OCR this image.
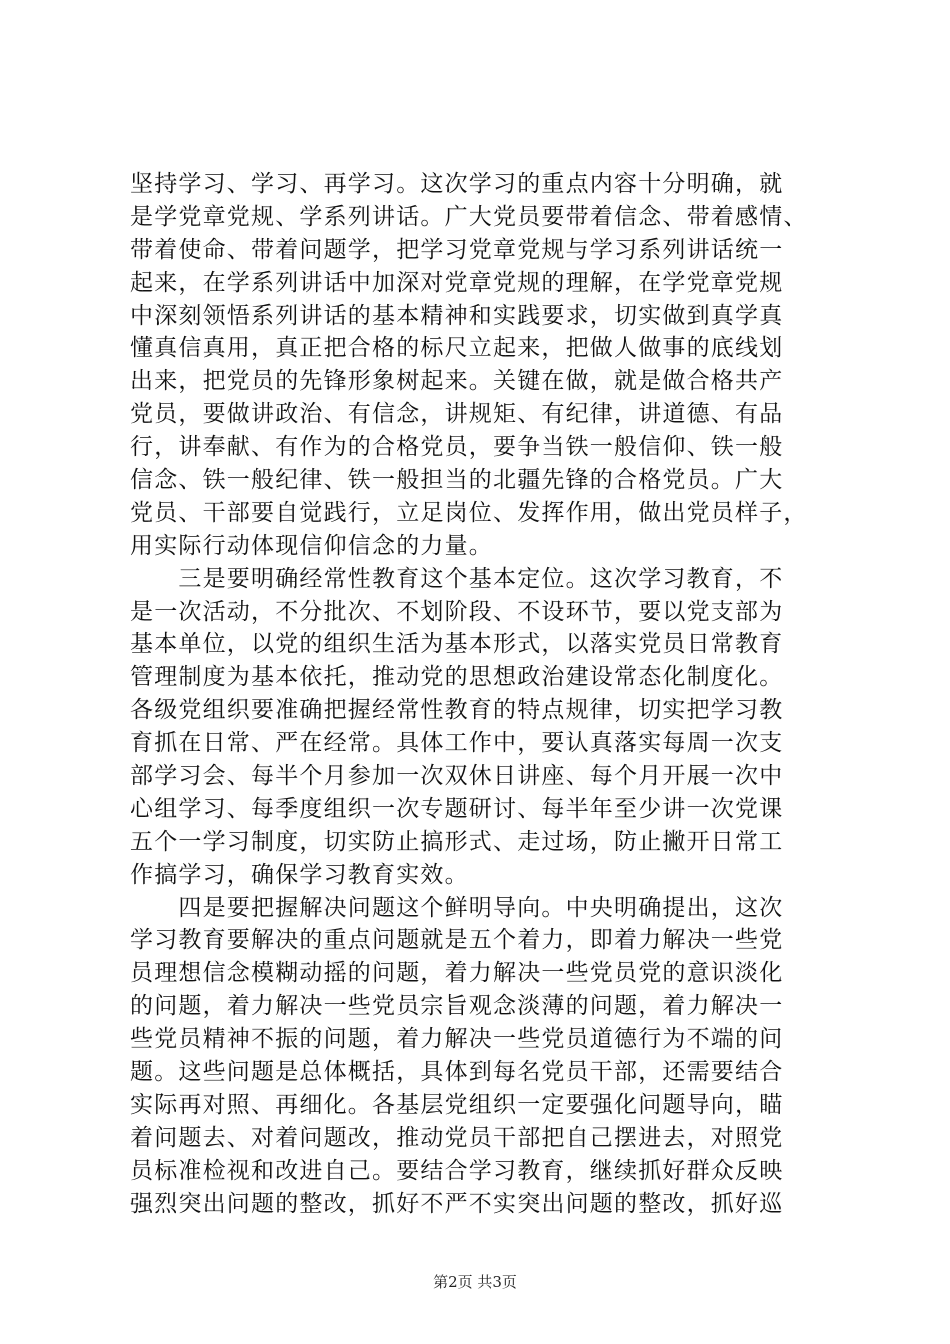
坚持学习、学习、再学习。这次学习的重点内容十分明确，就
是学党章党规、学系列讲话。广大党员要带着信念、带着感情、
带着使命、带着问题学，把学习党章党规与学习系列讲话统一
起来，在学系列讲话中加深对党章党规的理解，在学党章党规
中深刻领悟系列讲话的基本精神和实践要求，切实做到真学真
懂真信真用，真正把合格的标尺立起来，把做人做事的底线划
出来，把党员的先锋形象树起来。关键在做，就是做合格共产
党员，要做讲政治、有信念，讲规矩、有纪律，讲道德、有品
行，讲奉献、有作为的合格党员，要争当铁一般信仰、铁一般
信念、铁一般纪律、铁一般担当的北疆先锋的合格党员。广大
党员、干部要自觉践行，立足岗位、发挥作用，做出党员样子，
用实际行动体现信仰信念的力量。
　　三是要明确经常性教育这个基本定位。这次学习教育，不
是一次活动，不分批次、不划阶段、不设环节，要以党支部为
基本单位，以党的组织生活为基本形式，以落实党员日常教育
管理制度为基本依托，推动党的思想政治建设常态化制度化。
各级党组织要准确把握经常性教育的特点规律，切实把学习教
育抓在日常、严在经常。具体工作中，要认真落实每周一次支
部学习会、每半个月参加一次双休日讲座、每个月开展一次中
心组学习、每季度组织一次专题研讨、每半年至少讲一次党课
五个一学习制度，切实防止搞形式、走过场，防止撇开日常工
作搞学习，确保学习教育实效。
　　四是要把握解决问题这个鲜明导向。中央明确提出，这次
学习教育要解决的重点问题就是五个着力，即着力解决一些党
员理想信念模糊动摇的问题，着力解决一些党员党的意识淡化
的问题，着力解决一些党员宗旨观念淡薄的问题，着力解决一
些党员精神不振的问题，着力解决一些党员道德行为不端的问
题。这些问题是总体概括，具体到每名党员干部，还需要结合
实际再对照、再细化。各基层党组织一定要强化问题导向，瞄
着问题去、对着问题改，推动党员干部把自己摆进去，对照党
员标准检视和改进自己。要结合学习教育，继续抓好群众反映
强烈突出问题的整改，抓好不严不实突出问题的整改，抓好巡
第2页 共3页
